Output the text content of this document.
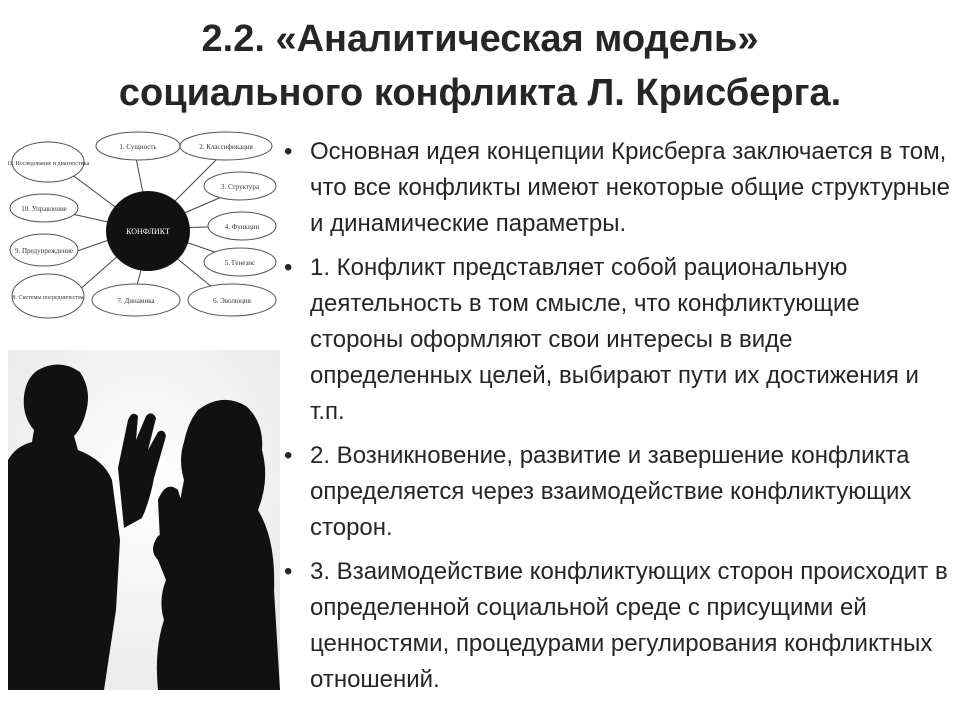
2.2. «Аналитическая модель»
социального конфликта Л. Крисберга.
КОНФЛИКТ
1. Сущность	2. Классификация
3. Структура
4. Функции
5. Генезис
6. Эволюция
7. Динамика
8. Системы посредничества
9. Предупреждение
10. Управление
11. Исследование и диагностика	• Основная идея концепции Крисберга заключается в том, что все конфликты имеют некоторые общие структурные и динамические параметры.
• 1. Конфликт представляет собой рациональную деятельность в том смысле, что конфликтующие стороны оформляют свои интересы в виде определенных целей, выбирают пути их достижения и т.п.
• 2. Возникновение, развитие и завершение конфликта определяется через взаимодействие конфликтующих сторон.
• 3. Взаимодействие конфликтующих сторон происходит в определенной социальной среде с присущими ей ценностями, процедурами регулирования конфликтных отношений.
